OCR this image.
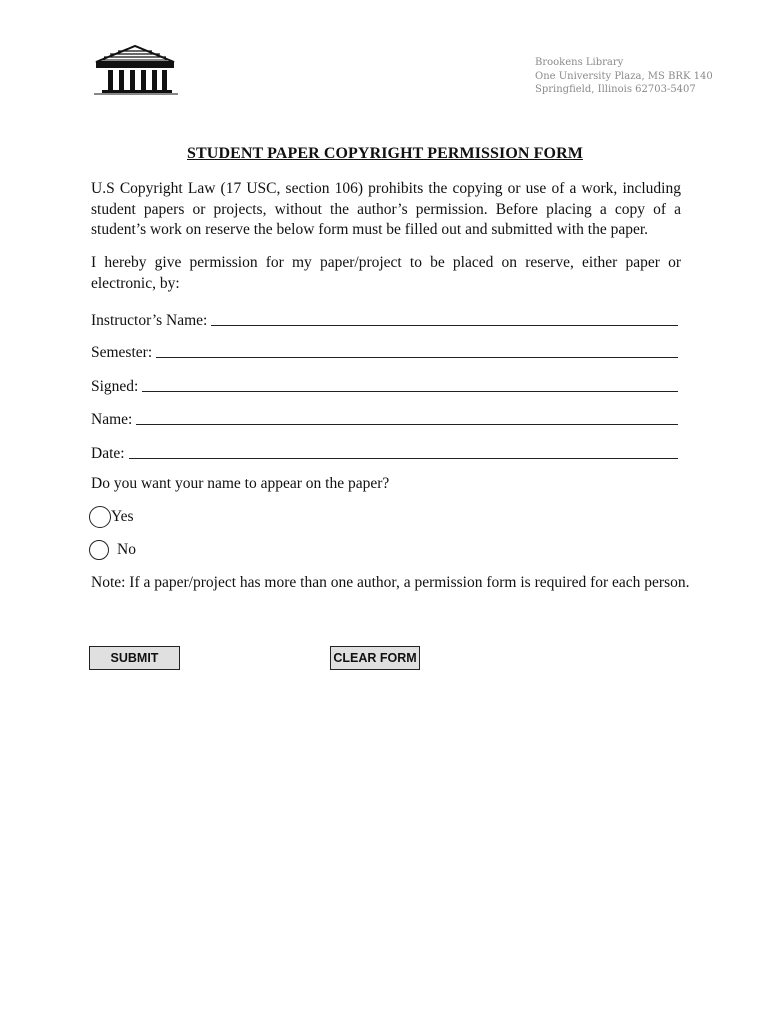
Brookens Library
One University Plaza, MS BRK 140
Springfield, Illinois 62703-5407
STUDENT PAPER COPYRIGHT PERMISSION FORM
U.S Copyright Law (17 USC, section 106) prohibits the copying or use of a work, including student papers or projects, without the author’s permission. Before placing a copy of a student’s work on reserve the below form must be filled out and submitted with the paper.
I hereby give permission for my paper/project to be placed on reserve, either paper or electronic, by:
Instructor’s Name:
Semester:
Signed:
Name:
Date:
Do you want your name to appear on the paper?
Yes
No
Note: If a paper/project has more than one author, a permission form is required for each person.
SUBMIT	CLEAR FORM
